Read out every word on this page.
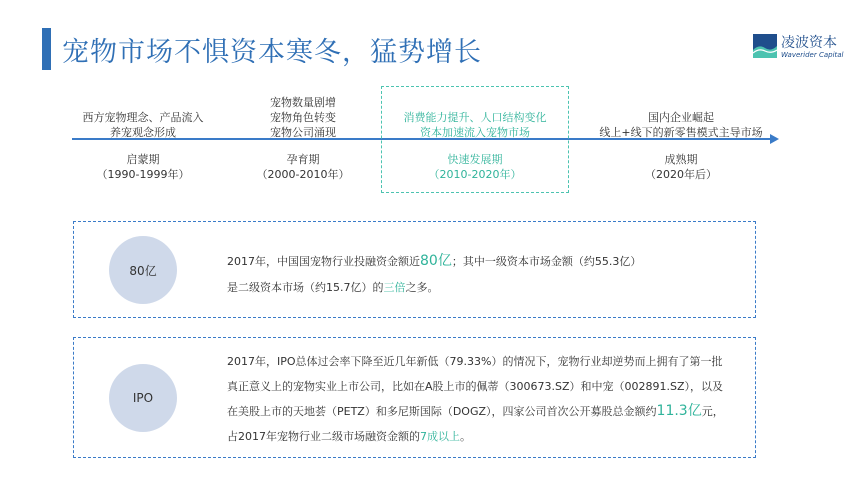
宠物市场不惧资本寒冬，猛势增长	凌波资本
Waverider Capital
西方宠物理念、产品流入
养宠观念形成
启蒙期
（1990-1999年）
宠物数量剧增
宠物角色转变
宠物公司涌现
孕育期
（2000-2010年）
消费能力提升、人口结构变化
资本加速流入宠物市场
快速发展期
（2010-2020年）
国内企业崛起
线上+线下的新零售模式主导市场
成熟期
（2020年后）
80亿
2017年，中国国宠物行业投融资金额近80亿；其中一级资本市场金额（约55.3亿）
是二级资本市场（约15.7亿）的三倍之多。
IPO
2017年，IPO总体过会率下降至近几年新低（79.33%）的情况下，宠物行业却逆势而上拥有了第一批真正意义上的宠物实业上市公司，比如在A股上市的佩蒂（300673.SZ）和中宠（002891.SZ），以及在美股上市的天地荟（PETZ）和多尼斯国际（DOGZ），四家公司首次公开募股总金额约11.3亿元，占2017年宠物行业二级市场融资金额的7成以上。
